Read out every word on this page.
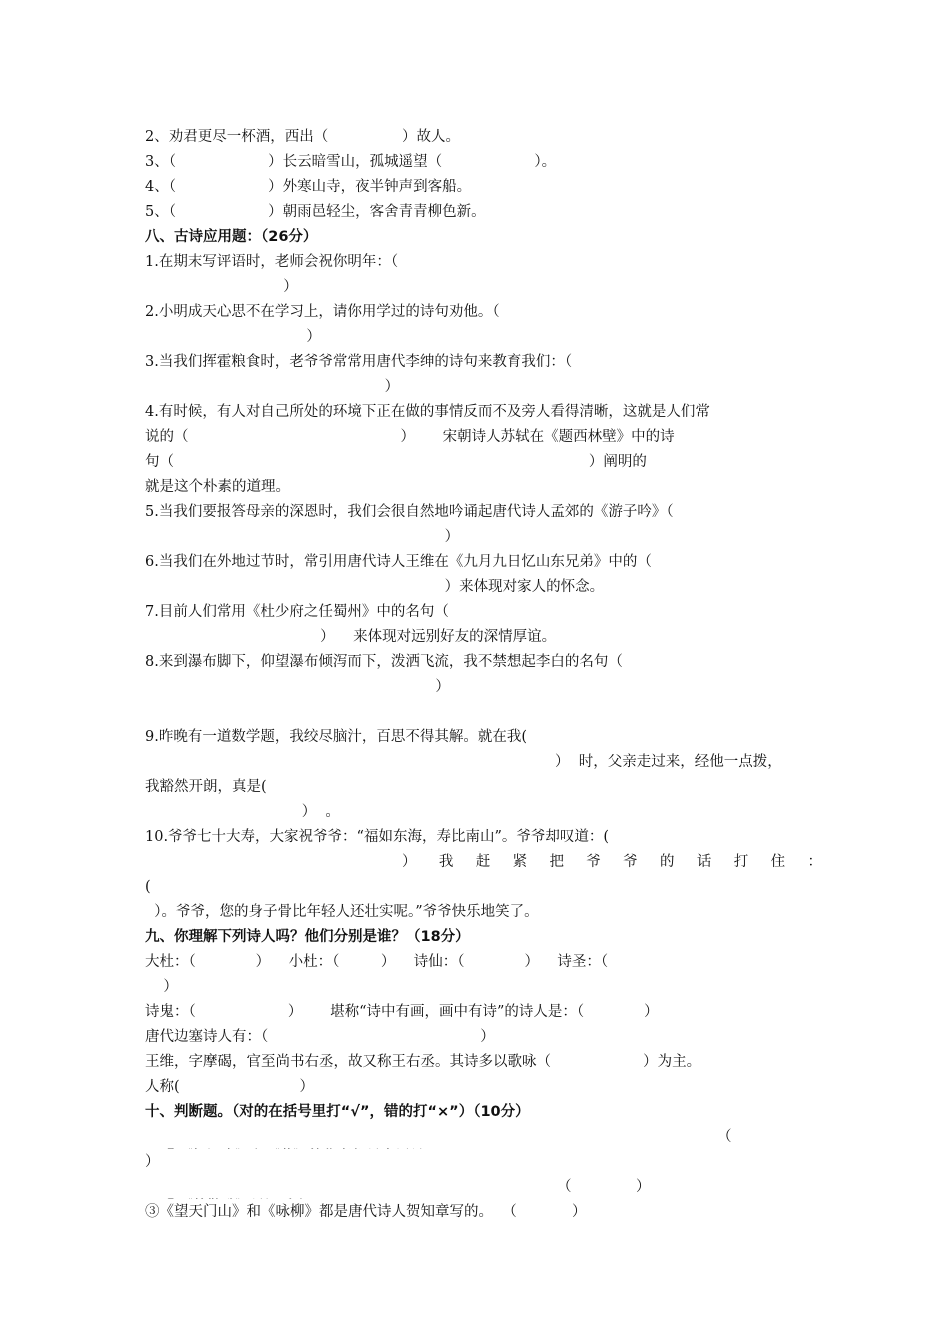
2、劝君更尽一杯酒，西出（                ）故人。
3、（                    ）长云暗雪山，孤城遥望（                    ）。
4、（                    ）外寒山寺，夜半钟声到客船。
5、（                    ）朝雨邑轻尘，客舍青青柳色新。
八、古诗应用题：（26分）
1.在期末写评语时，老师会祝你明年：（
）
2.小明成天心思不在学习上，请你用学过的诗句劝他。（
）
3.当我们挥霍粮食时，老爷爷常常用唐代李绅的诗句来教育我们：（
）
4.有时候，有人对自己所处的环境下正在做的事情反而不及旁人看得清晰，这就是人们常
说的（                                              ）      宋朝诗人苏轼在《题西林壁》中的诗
句（                                                                                          ）阐明的
就是这个朴素的道理。
5.当我们要报答母亲的深恩时，我们会很自然地吟诵起唐代诗人孟郊的《游子吟》（
）
6.当我们在外地过节时，常引用唐代诗人王维在《九月九日忆山东兄弟》中的（
）来体现对家人的怀念。
7.目前人们常用《杜少府之任蜀州》中的名句（
）    来体现对远别好友的深情厚谊。
8.来到瀑布脚下，仰望瀑布倾泻而下，泼洒飞流，我不禁想起李白的名句（
）
9.昨晚有一道数学题，我绞尽脑汁，百思不得其解。就在我(

）  时，父亲走过来，经他一点拨，

我豁然开朗，真是(
）  。
10.爷爷七十大寿，大家祝爷爷：“福如东海，寿比南山”。爷爷却叹道：(
） 我 赶 紧 把 爷 爷 的 话 打 住 ：
(
）。爷爷，您的身子骨比年轻人还壮实呢。”爷爷快乐地笑了。
九、你理解下列诗人吗？他们分别是谁？（18分）
大杜：（             ）    小杜：（         ）    诗仙：（             ）    诗圣：（
）
诗鬼：（                    ）      堪称“诗中有画，画中有诗”的诗人是：（             ）
唐代边塞诗人有：（                                              ）
王维，字摩碣，官至尚书右丞，故又称王右丞。其诗多以歌咏（                    ）为主。
人称(                          ）
十、判断题。（对的在括号里打“√”，错的打“×”）（10分）

（

）

（              ）

③《望天门山》和《咏柳》都是唐代诗人贺知章写的。  （            ）
